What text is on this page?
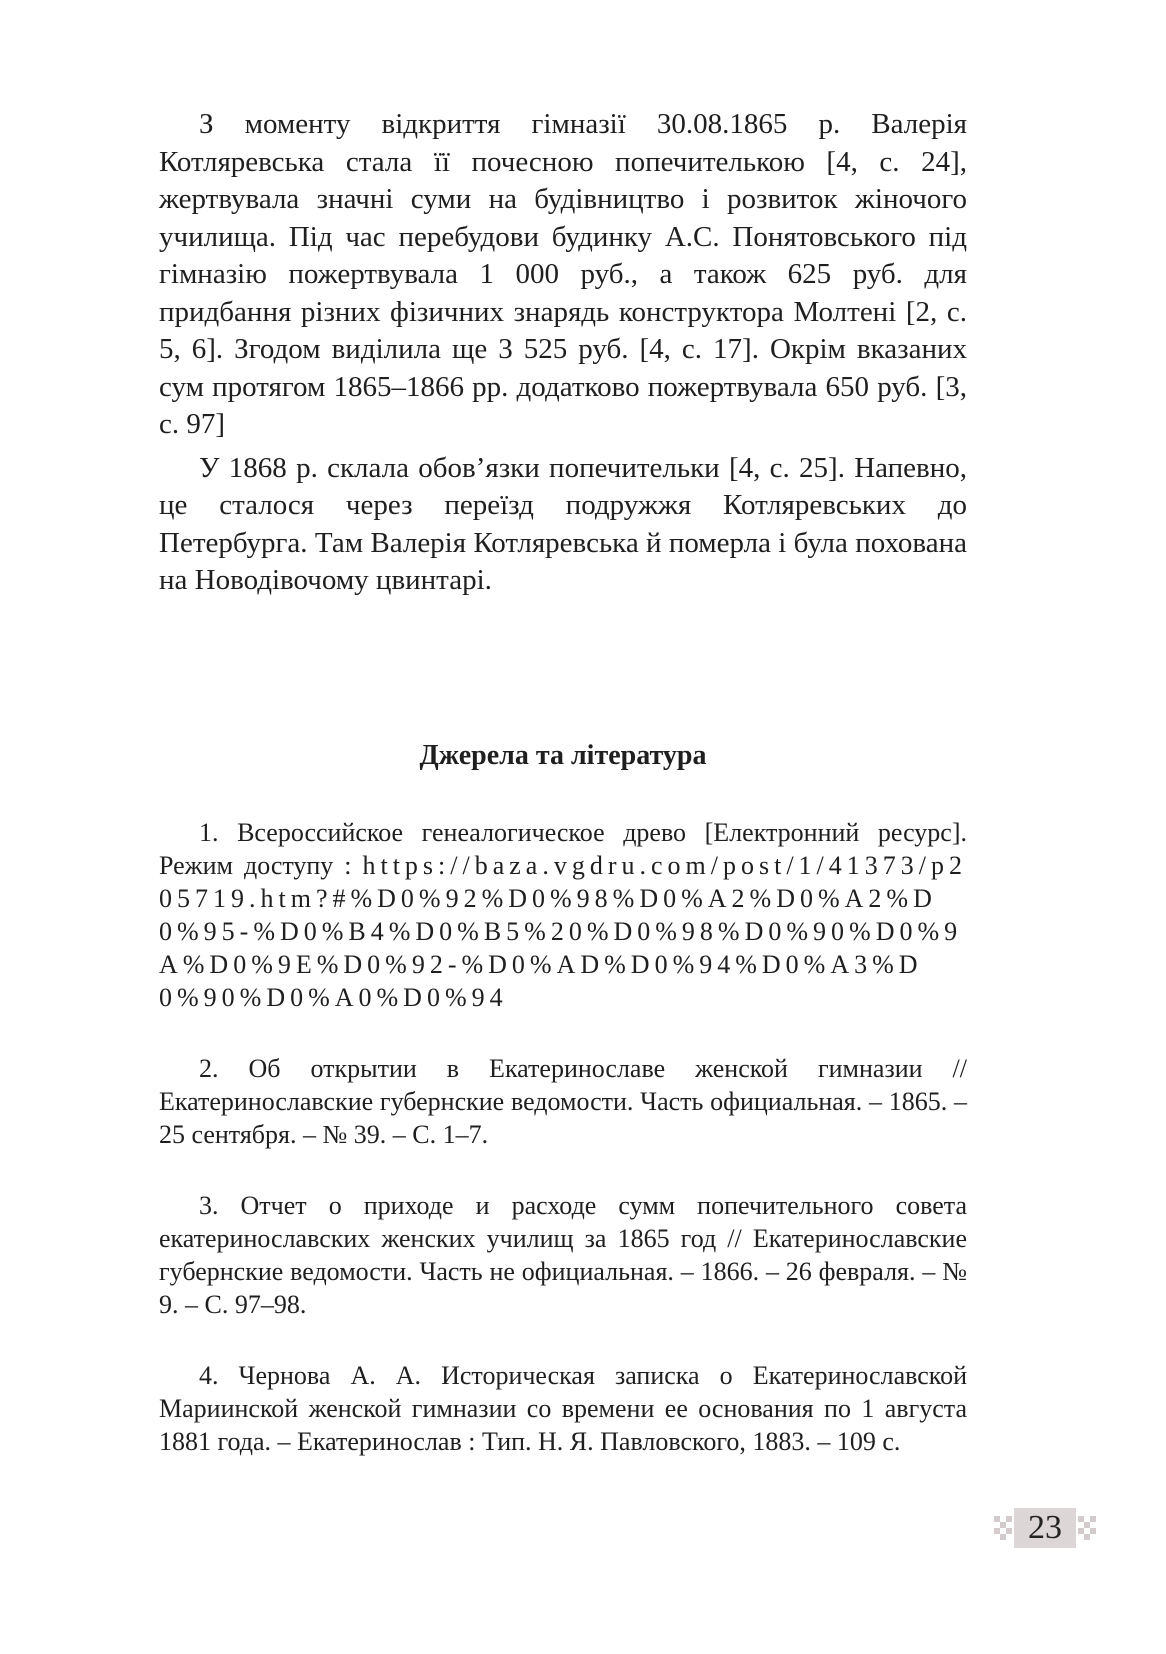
З моменту відкриття гімназії 30.08.1865 р. Валерія Котляревська стала її почесною попечителькою [4, с. 24], жертвувала значні суми на будівництво і розвиток жіночого училища. Під час перебудови будинку А.С. Понятовського під гімназію пожертвувала 1 000 руб., а також 625 руб. для придбання різних фізичних знарядь конструктора Молтені [2, с. 5, 6]. Згодом виділила ще 3 525 руб. [4, с. 17]. Окрім вказаних сум протягом 1865–1866 рр. додатково пожертвувала 650 руб. [3, с. 97]

У 1868 р. склала обов’язки попечительки [4, с. 25]. Напевно, це сталося через переїзд подружжя Котляревських до Петербурга. Там Валерія Котляревська й померла і була похована на Новодівочому цвинтарі.

Джерела та література

1. Всероссийское генеалогическое древо [Електронний ресурс]. Режим доступу : https://baza.vgdru.com/post/1/41373/p205719.htm?#%D0%92%D0%98%D0%A2%D0%A2%D0%95-%D0%B4%D0%B5%20%D0%98%D0%90%D0%9A%D0%9E%D0%92-%D0%AD%D0%94%D0%A3%D0%90%D0%A0%D0%94

2. Об открытии в Екатеринославе женской гимназии // Екатеринославские губернские ведомости. Часть официальная. – 1865. – 25 сентября. – № 39. – С. 1–7.

3. Отчет о приходе и расходе сумм попечительного совета екатеринославских женских училищ за 1865 год // Екатеринославские губернские ведомости. Часть не официальная. – 1866. – 26 февраля. – № 9. – С. 97–98.

4. Чернова А. А. Историческая записка о Екатеринославской Мариинской женской гимназии со времени ее основания по 1 августа 1881 года. – Екатеринослав : Тип. Н. Я. Павловского, 1883. – 109 с.

23
